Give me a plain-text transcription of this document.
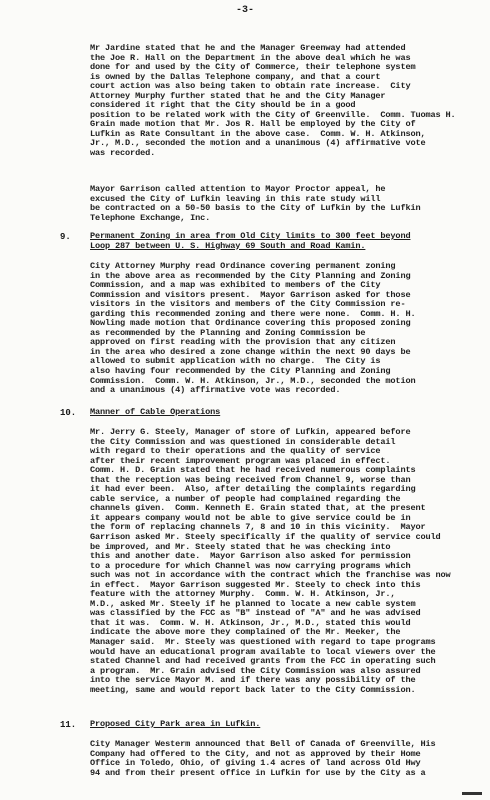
-3-
Mr Jardine stated that he and the Manager Greenway had attended
the Joe R. Hall on the Department in the above deal which he was
done for and used by the City of Commerce, their telephone system
is owned by the Dallas Telephone company, and that a court
court action was also being taken to obtain rate increase.  City
Attorney Murphy further stated that he and the City Manager
considered it right that the City should be in a good
position to be related work with the City of Greenville.  Comm. Tuomas H.
Grain made motion that Mr. Jos R. Hall be employed by the City of
Lufkin as Rate Consultant in the above case.  Comm. W. H. Atkinson,
Jr., M.D., seconded the motion and a unanimous (4) affirmative vote
was recorded.
Mayor Garrison called attention to Mayor Proctor appeal, he
excused the City of Lufkin leaving in this rate study will
be contracted on a 50-50 basis to the City of Lufkin by the Lufkin
Telephone Exchange, Inc.
9. Permanent Zoning in area from Old City limits to 300 feet beyond
Loop 287 between U. S. Highway 69 South and Road Kamin.
City Attorney Murphy read Ordinance covering permanent zoning
in the above area as recommended by the City Planning and Zoning
Commission, and a map was exhibited to members of the City
Commission and visitors present.  Mayor Garrison asked for those
visitors in the visitors and members of the City Commission re-
garding this recommended zoning and there were none.  Comm. H. H.
Nowling made motion that Ordinance covering this proposed zoning
as recommended by the Planning and Zoning Commission be
approved on first reading with the provision that any citizen
in the area who desired a zone change within the next 90 days be
allowed to submit application with no charge.  The City is
also having four recommended by the City Planning and Zoning
Commission.  Comm. W. H. Atkinson, Jr., M.D., seconded the motion
and a unanimous (4) affirmative vote was recorded.
10. Manner of Cable Operations
Mr. Jerry G. Steely, Manager of store of Lufkin, appeared before
the City Commission and was questioned in considerable detail
with regard to their operations and the quality of service
after their recent improvement program was placed in effect.
Comm. H. D. Grain stated that he had received numerous complaints
that the reception was being received from Channel 9, worse than
it had ever been.  Also, after detailing the complaints regarding
cable service, a number of people had complained regarding the
channels given.  Comm. Kenneth E. Grain stated that, at the present
it appears company would not be able to give service could be in
the form of replacing channels 7, 8 and 10 in this vicinity.  Mayor
Garrison asked Mr. Steely specifically if the quality of service could
be improved, and Mr. Steely stated that he was checking into
this and another date.  Mayor Garrison also asked for permission
to a procedure for which Channel was now carrying programs which
such was not in accordance with the contract which the franchise was now
in effect.  Mayor Garrison suggested Mr. Steely to check into this
feature with the attorney Murphy.  Comm. W. H. Atkinson, Jr.,
M.D., asked Mr. Steely if he planned to locate a new cable system
was classified by the FCC as "B" instead of "A" and he was advised
that it was.  Comm. W. H. Atkinson, Jr., M.D., stated this would
indicate the above more they complained of the Mr. Meeker, the
Manager said.  Mr. Steely was questioned with regard to tape programs
would have an educational program available to local viewers over the
stated Channel and had received grants from the FCC in operating such
a program.  Mr. Grain advised the City Commission was also assured
into the service Mayor M. and if there was any possibility of the
meeting, same and would report back later to the City Commission.
11. Proposed City Park area in Lufkin.
City Manager Westerm announced that Bell of Canada of Greenville, His
Company had offered to the City, and not as approved by their Home
Office in Toledo, Ohio, of giving 1.4 acres of land across Old Hwy
94 and from their present office in Lufkin for use by the City as a
